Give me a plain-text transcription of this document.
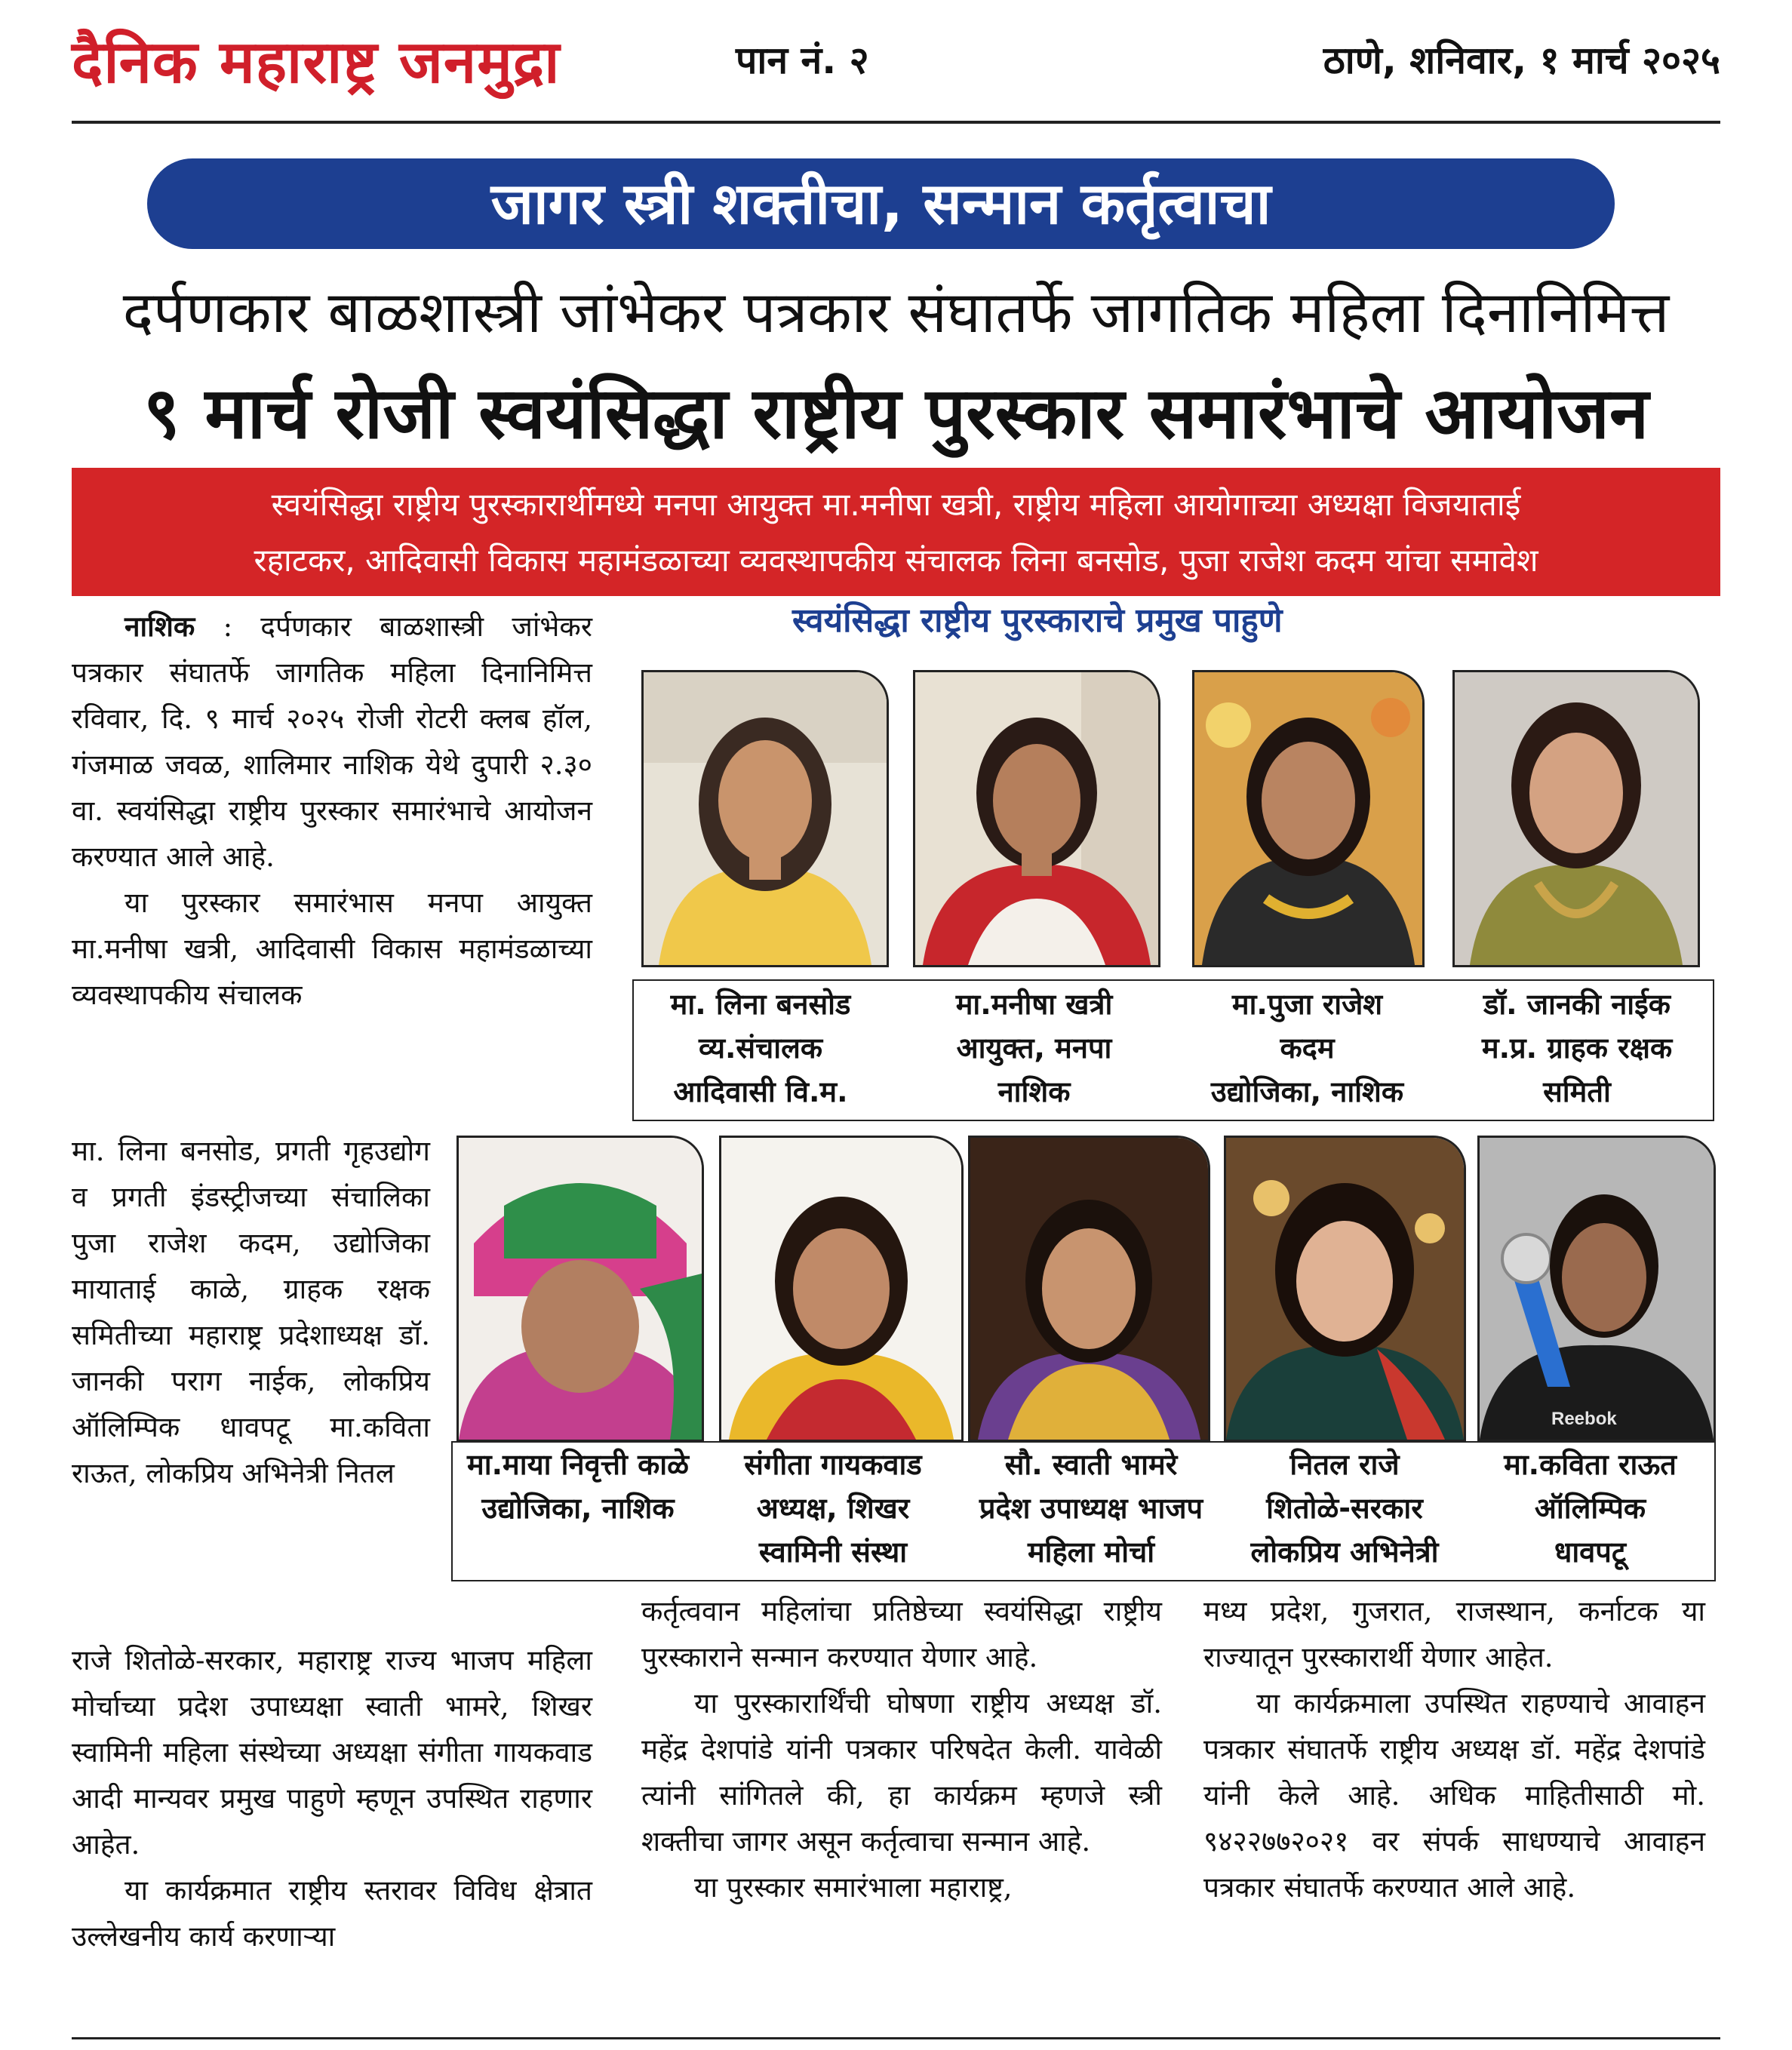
दैनिक महाराष्ट्र जनमुद्रा	पान नं. २	ठाणे, शनिवार, १ मार्च २०२५
जागर स्त्री शक्तीचा, सन्मान कर्तृत्वाचा
दर्पणकार बाळशास्त्री जांभेकर पत्रकार संघातर्फे जागतिक महिला दिनानिमित्त
९ मार्च रोजी स्वयंसिद्धा राष्ट्रीय पुरस्कार समारंभाचे आयोजन
स्वयंसिद्धा राष्ट्रीय पुरस्कारार्थीमध्ये मनपा आयुक्त मा.मनीषा खत्री, राष्ट्रीय महिला आयोगाच्या अध्यक्षा विजयाताई
रहाटकर, आदिवासी विकास महामंडळाच्या व्यवस्थापकीय संचालक लिना बनसोड, पुजा राजेश कदम यांचा समावेश

नाशिक : दर्पणकार बाळशास्त्री जांभेकर पत्रकार संघातर्फे जागतिक महिला दिनानिमित्त रविवार, दि. ९ मार्च २०२५ रोजी रोटरी क्लब हॉल, गंजमाळ जवळ, शालिमार नाशिक येथे दुपारी २.३० वा. स्वयंसिद्धा राष्ट्रीय पुरस्कार समारंभाचे आयोजन करण्यात आले आहे.

या पुरस्कार समारंभास मनपा आयुक्त मा.मनीषा खत्री, आदिवासी विकास महामंडळाच्या व्यवस्थापकीय संचालक

मा. लिना बनसोड, प्रगती गृहउद्योग व प्रगती इंडस्ट्रीजच्या संचालिका पुजा राजेश कदम, उद्योजिका मायाताई काळे, ग्राहक रक्षक समितीच्या महाराष्ट्र प्रदेशाध्यक्ष डॉ. जानकी पराग नाईक, लोकप्रिय ऑलिम्पिक धावपटू मा.कविता राऊत, लोकप्रिय अभिनेत्री नितल

राजे शितोळे-सरकार, महाराष्ट्र राज्य भाजप महिला मोर्चाच्या प्रदेश उपाध्यक्षा स्वाती भामरे, शिखर स्वामिनी महिला संस्थेच्या अध्यक्षा संगीता गायकवाड आदी मान्यवर प्रमुख पाहुणे म्हणून उपस्थित राहणार आहेत.

या कार्यक्रमात राष्ट्रीय स्तरावर विविध क्षेत्रात उल्लेखनीय कार्य करणाऱ्या

स्वयंसिद्धा राष्ट्रीय पुरस्काराचे प्रमुख पाहुणे
मा. लिना बनसोड
व्य.संचालक
आदिवासी वि.म.
मा.मनीषा खत्री
आयुक्त, मनपा
नाशिक
मा.पुजा राजेश
कदम
उद्योजिका, नाशिक
डॉ. जानकी नाईक
म.प्र. ग्राहक रक्षक
समिती
Reebok
मा.माया निवृत्ती काळे
उद्योजिका, नाशिक
संगीता गायकवाड
अध्यक्ष, शिखर
स्वामिनी संस्था
सौ. स्वाती भामरे
प्रदेश उपाध्यक्ष भाजप
महिला मोर्चा
नितल राजे
शितोळे-सरकार
लोकप्रिय अभिनेत्री
मा.कविता राऊत
ऑलिम्पिक
धावपटू

कर्तृत्ववान महिलांचा प्रतिष्ठेच्या स्वयंसिद्धा राष्ट्रीय पुरस्काराने सन्मान करण्यात येणार आहे.

या पुरस्कारार्थिंची घोषणा राष्ट्रीय अध्यक्ष डॉ. महेंद्र देशपांडे यांनी पत्रकार परिषदेत केली. यावेळी त्यांनी सांगितले की, हा कार्यक्रम म्हणजे स्त्री शक्तीचा जागर असून कर्तृत्वाचा सन्मान आहे.

या पुरस्कार समारंभाला महाराष्ट्र,

मध्य प्रदेश, गुजरात, राजस्थान, कर्नाटक या राज्यातून पुरस्कारार्थी येणार आहेत.

या कार्यक्रमाला उपस्थित राहण्याचे आवाहन पत्रकार संघातर्फे राष्ट्रीय अध्यक्ष डॉ. महेंद्र देशपांडे यांनी केले आहे. अधिक माहितीसाठी मो. ९४२२७७२०२१ वर संपर्क साधण्याचे आवाहन पत्रकार संघातर्फे करण्यात आले आहे.
